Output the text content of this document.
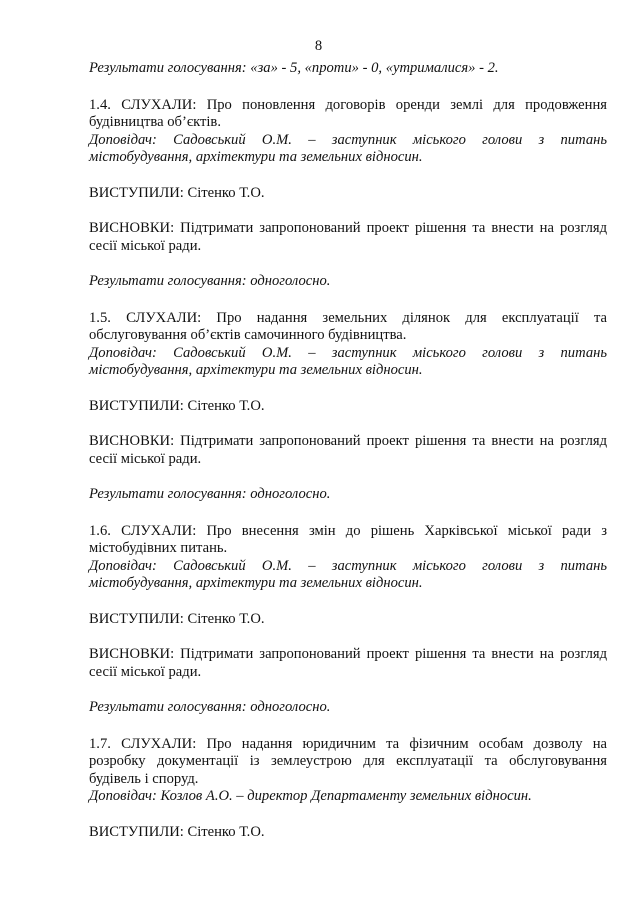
8

Результати голосування: «за» - 5, «проти» - 0, «утрималися» - 2.

1.4. СЛУХАЛИ: Про поновлення договорів оренди землі для продовження будівництва об’єктів.

Доповідач: Садовський О.М. – заступник міського голови з питань містобудування, архітектури та земельних відносин.

ВИСТУПИЛИ: Сітенко Т.О.

ВИСНОВКИ: Підтримати запропонований проект рішення та внести на розгляд сесії міської ради.

Результати голосування: одноголосно.

1.5. СЛУХАЛИ: Про надання земельних ділянок для експлуатації та обслуговування об’єктів самочинного будівництва.

Доповідач: Садовський О.М. – заступник міського голови з питань містобудування, архітектури та земельних відносин.

ВИСТУПИЛИ: Сітенко Т.О.

ВИСНОВКИ: Підтримати запропонований проект рішення та внести на розгляд сесії міської ради.

Результати голосування: одноголосно.

1.6. СЛУХАЛИ: Про внесення змін до рішень Харківської міської ради з містобудівних питань.

Доповідач: Садовський О.М. – заступник міського голови з питань містобудування, архітектури та земельних відносин.

ВИСТУПИЛИ: Сітенко Т.О.

ВИСНОВКИ: Підтримати запропонований проект рішення та внести на розгляд сесії міської ради.

Результати голосування: одноголосно.

1.7. СЛУХАЛИ: Про надання юридичним та фізичним особам дозволу на розробку документації із землеустрою для експлуатації та обслуговування будівель і споруд.

Доповідач: Козлов А.О. – директор Департаменту земельних відносин.

ВИСТУПИЛИ: Сітенко Т.О.
